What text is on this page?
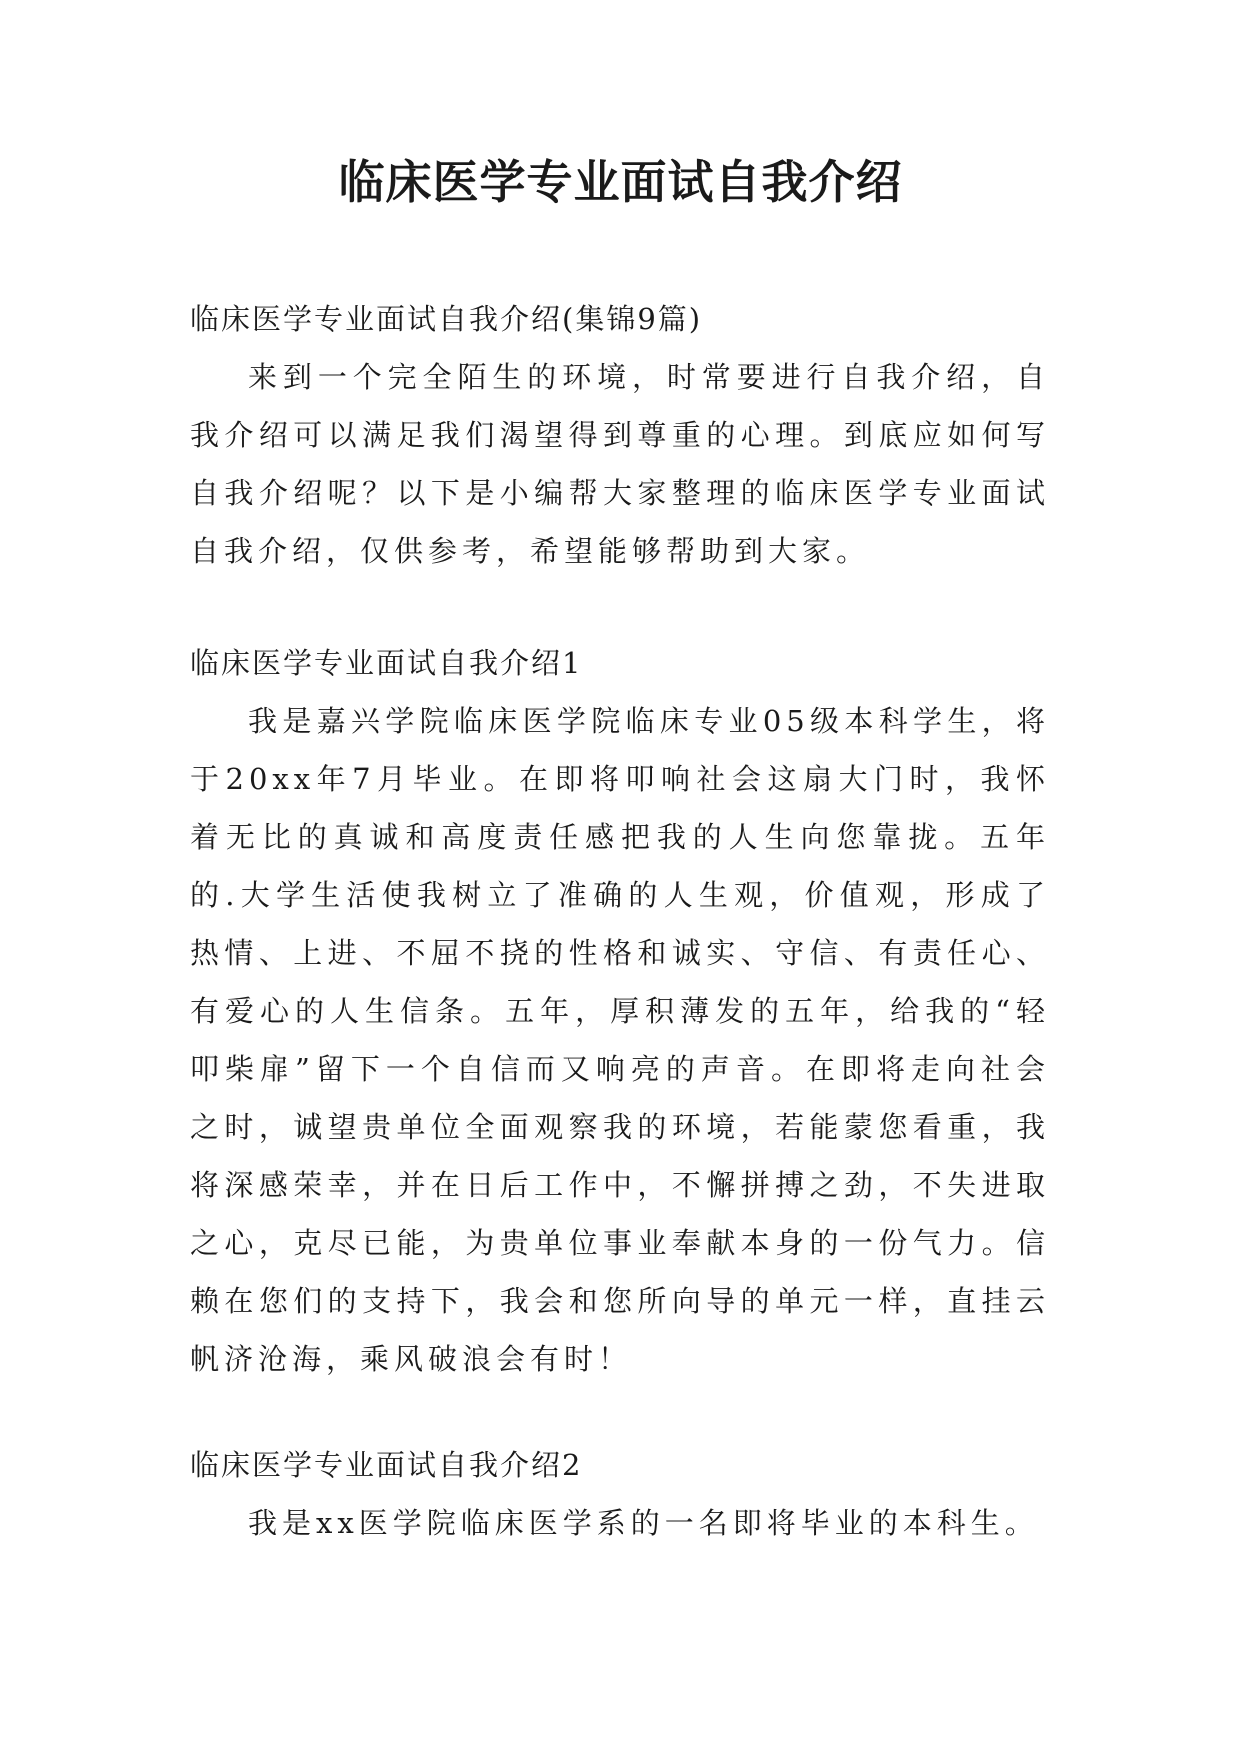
临床医学专业面试自我介绍

临床医学专业面试自我介绍(集锦9篇)

来到一个完全陌生的环境，时常要进行自我介绍，自我介绍可以满足我们渴望得到尊重的心理。到底应如何写自我介绍呢？以下是小编帮大家整理的临床医学专业面试自我介绍，仅供参考，希望能够帮助到大家。

临床医学专业面试自我介绍1

我是嘉兴学院临床医学院临床专业05级本科学生，将于20xx年7月毕业。在即将叩响社会这扇大门时，我怀着无比的真诚和高度责任感把我的人生向您靠拢。五年的.大学生活使我树立了准确的人生观，价值观，形成了热情、上进、不屈不挠的性格和诚实、守信、有责任心、有爱心的人生信条。五年，厚积薄发的五年，给我的“轻叩柴扉”留下一个自信而又响亮的声音。在即将走向社会之时，诚望贵单位全面观察我的环境，若能蒙您看重，我将深感荣幸，并在日后工作中，不懈拼搏之劲，不失进取之心，克尽已能，为贵单位事业奉献本身的一份气力。信赖在您们的支持下，我会和您所向导的单元一样，直挂云帆济沧海，乘风破浪会有时！

临床医学专业面试自我介绍2

我是xx医学院临床医学系的一名即将毕业的本科生。
